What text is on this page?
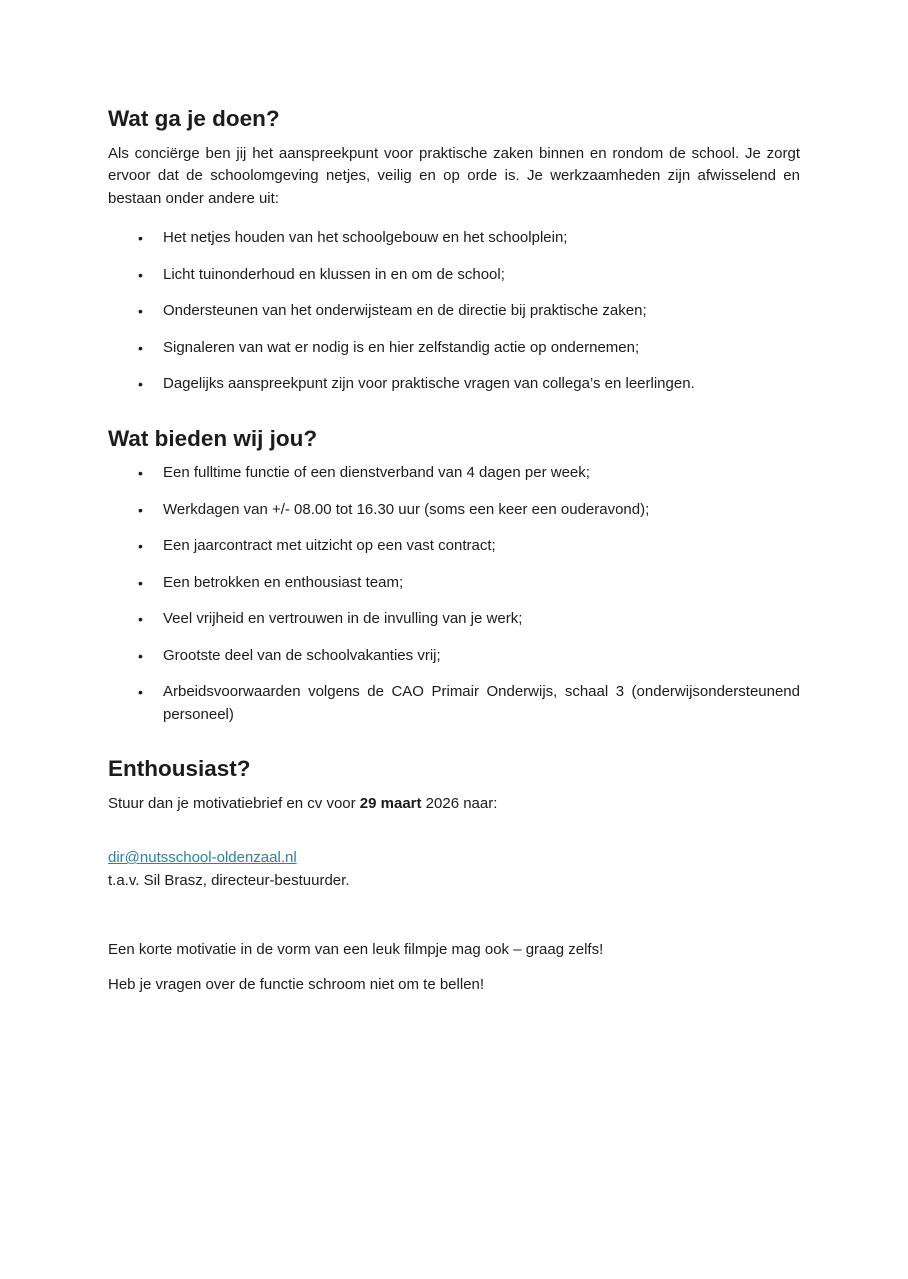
Wat ga je doen?

Als conciërge ben jij het aanspreekpunt voor praktische zaken binnen en rondom de school. Je zorgt ervoor dat de schoolomgeving netjes, veilig en op orde is. Je werkzaamheden zijn afwisselend en bestaan onder andere uit:

• Het netjes houden van het schoolgebouw en het schoolplein;
• Licht tuinonderhoud en klussen in en om de school;
• Ondersteunen van het onderwijsteam en de directie bij praktische zaken;
• Signaleren van wat er nodig is en hier zelfstandig actie op ondernemen;
• Dagelijks aanspreekpunt zijn voor praktische vragen van collega’s en leerlingen.
Wat bieden wij jou?
• Een fulltime functie of een dienstverband van 4 dagen per week;
• Werkdagen van +/- 08.00 tot 16.30 uur (soms een keer een ouderavond);
• Een jaarcontract met uitzicht op een vast contract;
• Een betrokken en enthousiast team;
• Veel vrijheid en vertrouwen in de invulling van je werk;
• Grootste deel van de schoolvakanties vrij;
• Arbeidsvoorwaarden volgens de CAO Primair Onderwijs, schaal 3 (onderwijsondersteunend personeel)
Enthousiast?

Stuur dan je motivatiebrief en cv voor 29 maart 2026 naar:

dir@nutsschool-oldenzaal.nl
t.a.v. Sil Brasz, directeur-bestuurder.

Een korte motivatie in de vorm van een leuk filmpje mag ook – graag zelfs!

Heb je vragen over de functie schroom niet om te bellen!
